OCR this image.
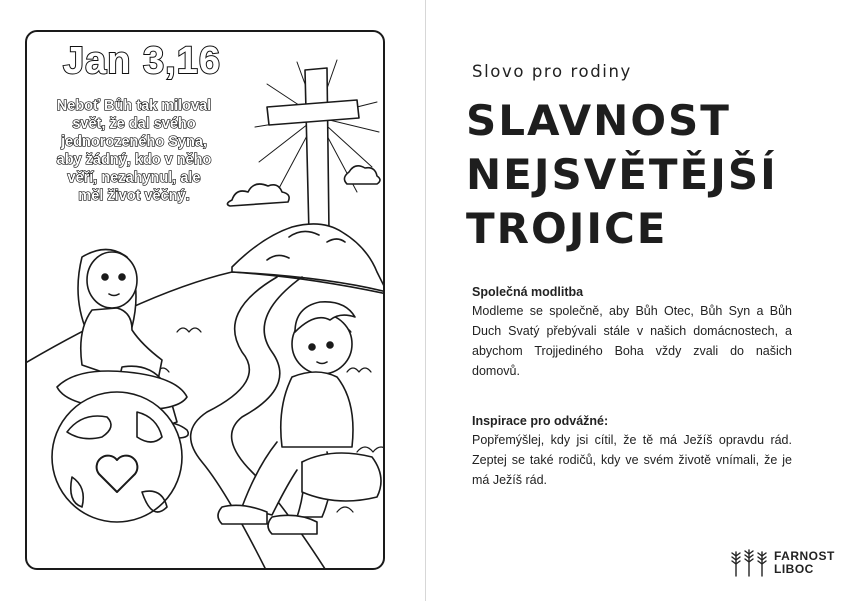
Jan 3,16
Neboť Bůh tak miloval
svět, že dal svého
jednorozeného Syna,
aby žádný, kdo v něho
věří, nezahynul, ale
měl život věčný.
Slovo pro rodiny
SLAVNOST
NEJSVĚTĚJŠÍ
TROJICE
Společná modlitba

Modleme se společně, aby Bůh Otec, Bůh Syn a Bůh Duch Svatý přebývali stále v našich domácnostech, a abychom Trojjediného Boha vždy zvali do našich domovů.

Inspirace pro odvážné:

Popřemýšlej, kdy jsi cítil, že tě má Ježíš opravdu rád. Zeptej se také rodičů, kdy ve svém životě vnímali, že je má Ježíš rád.

FARNOST
LIBOC
